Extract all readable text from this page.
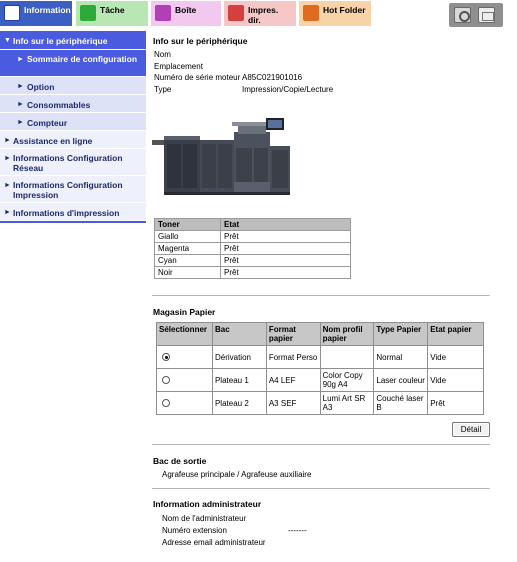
Information	Tâche	Boîte	Impres. dir.
Hot Folder
▼ Info sur le périphérique
► Sommaire de configuration
► Option
► Consommables
► Compteur
► Assistance en ligne
► Informations Configuration Réseau
► Informations Configuration Impression
► Informations d'impression
Info sur le périphérique
Nom
Emplacement
Numéro de série moteur A85C021901016
Type	Impression/Copie/Lecture
Toner	Etat
Giallo	Prêt
Magenta	Prêt
Cyan	Prêt
Noir	Prêt
Magasin Papier
Sélectionner	Bac	Format papier	Nom profil papier	Type Papier	Etat papier
	Dérivation	Format Perso		Normal	Vide
	Plateau 1	A4 LEF	Color Copy 90g A4	Laser couleur	Vide
	Plateau 2	A3 SEF	Lumi Art SR A3	Couché laser B	Prêt
Détail
Bac de sortie
Agrafeuse principale / Agrafeuse auxiliaire
Information administrateur
Nom de l'administrateur
Numéro extension	-------
Adresse email administrateur
